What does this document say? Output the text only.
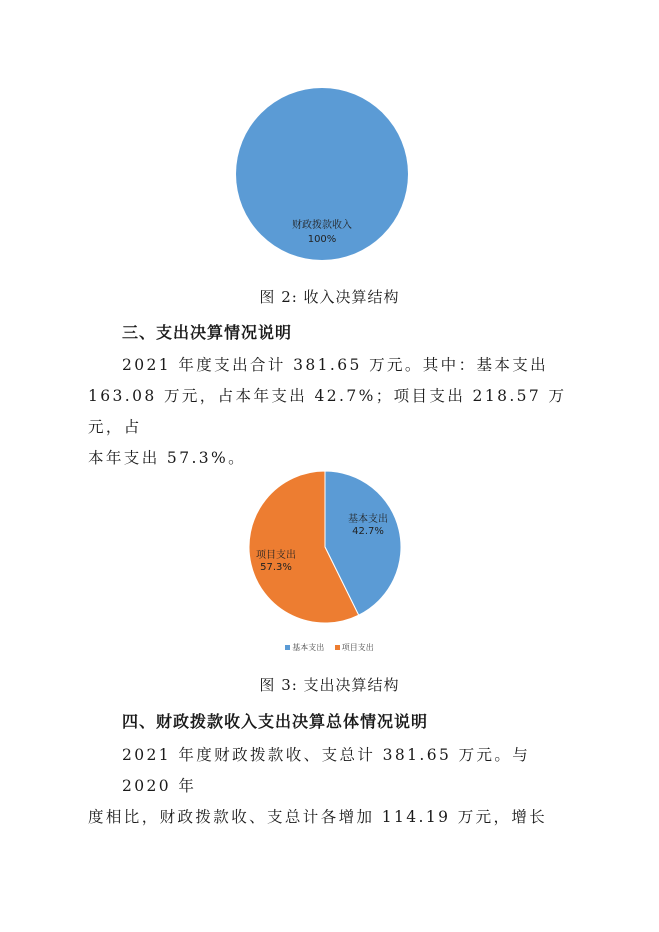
财政拨款收入
100%
图 2: 收入决算结构
三、支出决算情况说明
2021 年度支出合计 381.65 万元。其中：基本支出
163.08 万元，占本年支出 42.7%；项目支出 218.57 万元，占
本年支出 57.3%。
基本支出
42.7%
项目支出
57.3%
基本支出 项目支出
图 3: 支出决算结构
四、财政拨款收入支出决算总体情况说明
2021 年度财政拨款收、支总计 381.65 万元。与 2020 年
度相比，财政拨款收、支总计各增加 114.19 万元，增长
